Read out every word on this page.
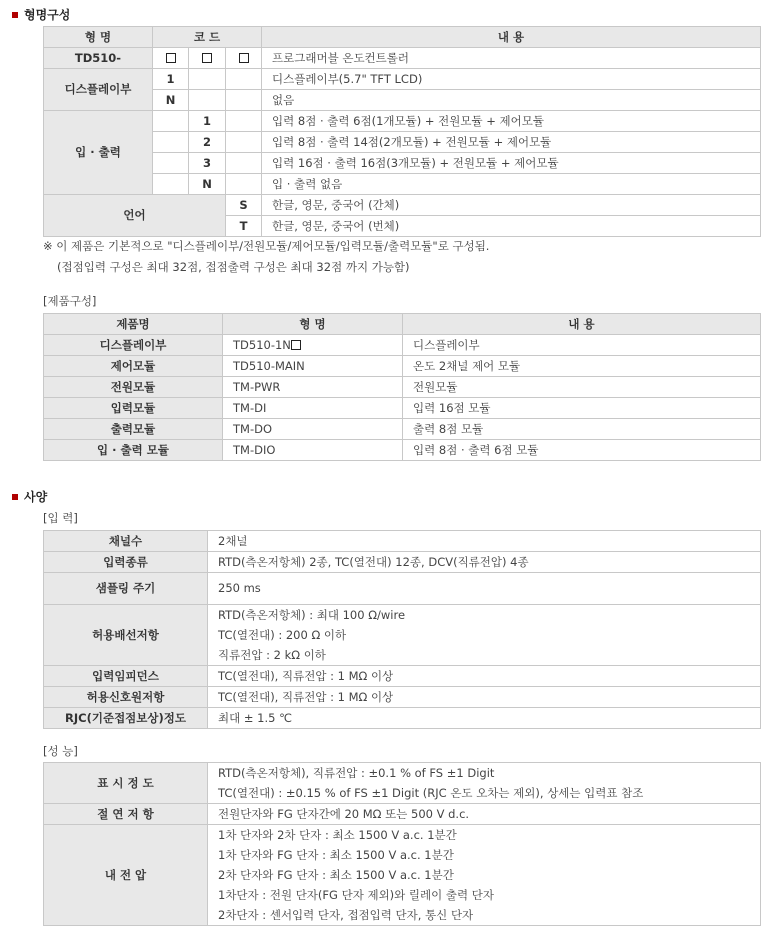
형명구성
형 명	코 드			내 용
TD510-				프로그래머블 온도컨트롤러
디스플레이부	1			디스플레이부(5.7" TFT LCD)
	N			없음
입 · 출력		1		입력 8점 · 출력 6점(1개모듈) + 전원모듈 + 제어모듈
		2		입력 8점 · 출력 14점(2개모듈) + 전원모듈 + 제어모듈
		3		입력 16점 · 출력 16점(3개모듈) + 전원모듈 + 제어모듈
		N		입 · 출력 없음
언어			S	한글, 영문, 중국어 (간체)
			T	한글, 영문, 중국어 (번체)
※ 이 제품은 기본적으로 "디스플레이부/전원모듈/제어모듈/입력모듈/출력모듈"로 구성됨.
(접점입력 구성은 최대 32점, 접점출력 구성은 최대 32점 까지 가능함)
[제품구성]
제품명	형 명	내 용
디스플레이부	TD510-1N	디스플레이부
제어모듈	TD510-MAIN	온도 2채널 제어 모듈
전원모듈	TM-PWR	전원모듈
입력모듈	TM-DI	입력 16점 모듈
출력모듈	TM-DO	출력 8점 모듈
입 · 출력 모듈	TM-DIO	입력 8점 · 출력 6점 모듈
사양
[입 력]
채널수	2채널
입력종류	RTD(측온저항체) 2종, TC(열전대) 12종, DCV(직류전압) 4종
샘플링 주기	250 ms
허용배선저항	RTD(측온저항체) : 최대 100 Ω/wire
TC(열전대) : 200 Ω 이하
직류전압 : 2 kΩ 이하

입력임피던스	TC(열전대), 직류전압 : 1 MΩ 이상
허용신호원저항	TC(열전대), 직류전압 : 1 MΩ 이상
RJC(기준접점보상)정도	최대 ± 1.5 ℃
[성 능]
표 시 정 도	RTD(측온저항체), 직류전압 : ±0.1 % of FS ±1 Digit
TC(열전대) : ±0.15 % of FS ±1 Digit (RJC 온도 오차는 제외), 상세는 입력표 참조

절 연 저 항	전원단자와 FG 단자간에 20 MΩ 또는 500 V d.c.
내 전 압	1차 단자와 2차 단자 : 최소 1500 V a.c. 1분간
1차 단자와 FG 단자 : 최소 1500 V a.c. 1분간
2차 단자와 FG 단자 : 최소 1500 V a.c. 1분간
1차단자 : 전원 단자(FG 단자 제외)와 릴레이 출력 단자
2차단자 : 센서입력 단자, 접점입력 단자, 통신 단자
